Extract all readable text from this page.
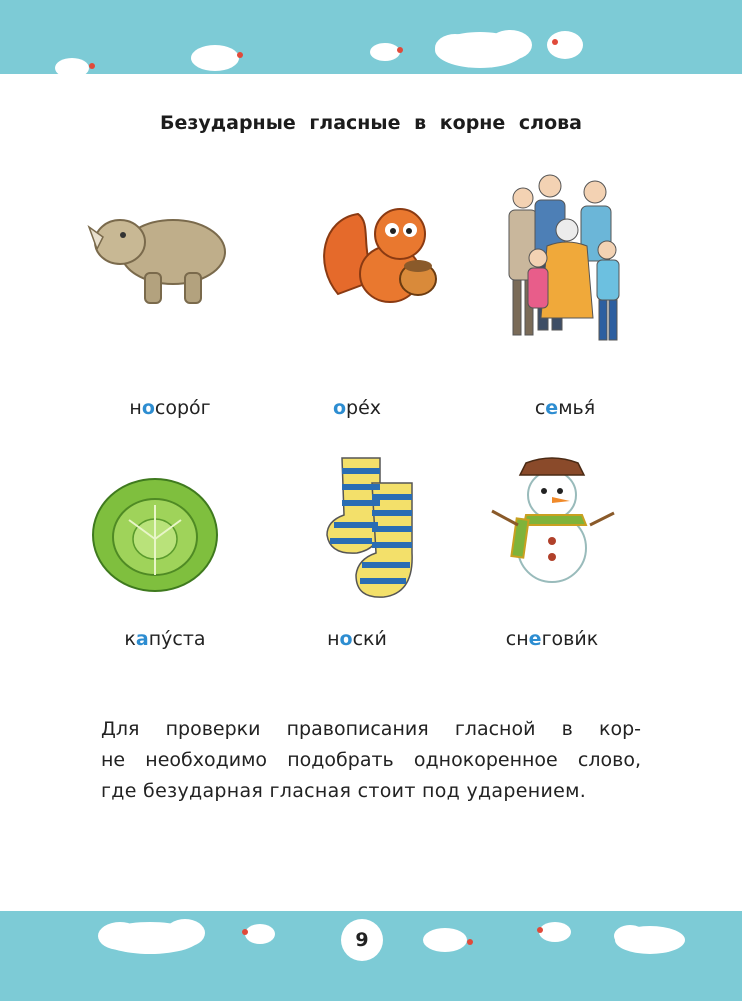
Безударные гласные в корне слова
носоро́г	оре́х	семья́
капу́ста	носки́	снегови́к
Для проверки правописания гласной в кор-
не необходимо подобрать однокоренное слово,
где безударная гласная стоит под ударением.
9
